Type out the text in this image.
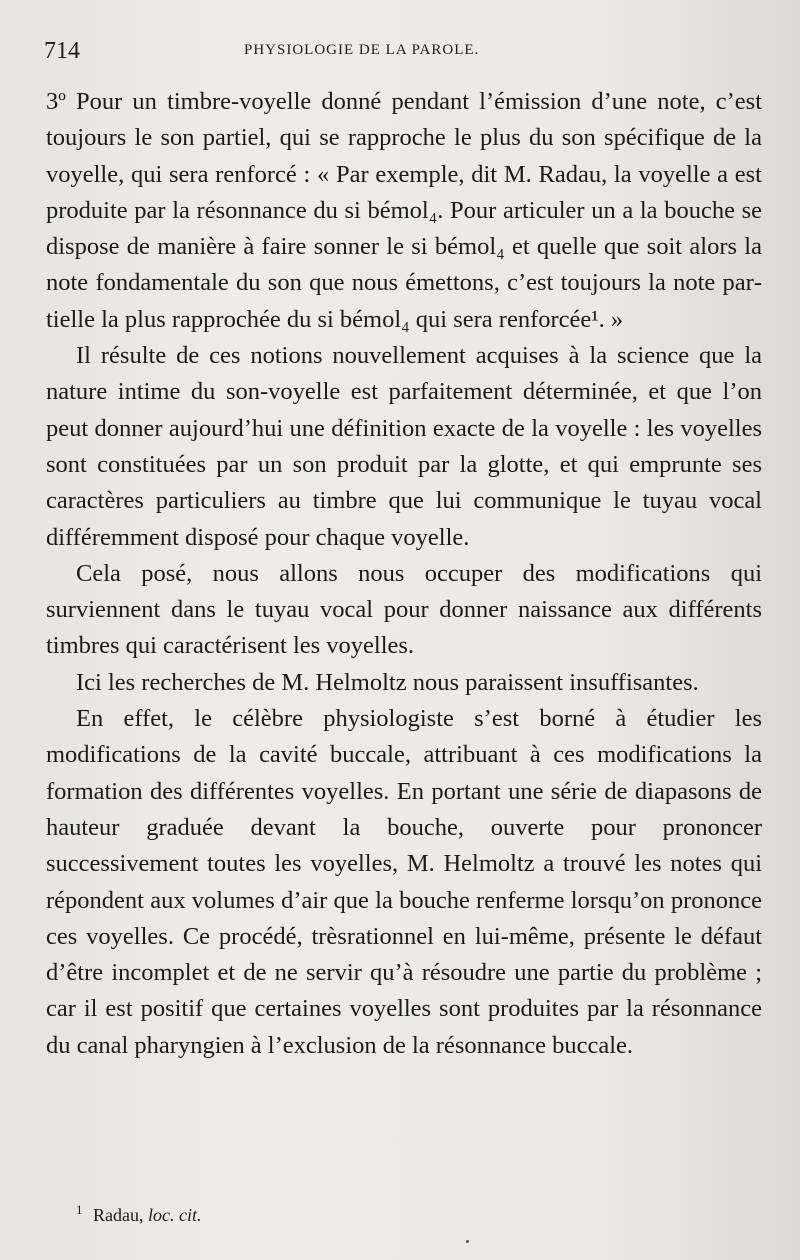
714	PHYSIOLOGIE DE LA PAROLE.

3º Pour un timbre-voyelle donné pendant l’émission d’une note, c’est toujours le son partiel, qui se rapproche le plus du son spécifique de la voyelle, qui sera renforcé : « Par exemple, dit M. Radau, la voyelle a est produite par la résonnance du si bémol₄. Pour articuler un a la bouche se dispose de manière à faire sonner le si bémol₄ et quelle que soit alors la note fondamentale du son que nous émettons, c’est toujours la note partielle la plus rapprochée du si bémol₄ qui sera renforcée¹. »

Il résulte de ces notions nouvellement acquises à la science que la nature intime du son-voyelle est parfaitement déterminée, et que l’on peut donner aujourd’hui une définition exacte de la voyelle : les voyelles sont constituées par un son produit par la glotte, et qui emprunte ses caractères particuliers au timbre que lui communique le tuyau vocal différemment disposé pour chaque voyelle.

Cela posé, nous allons nous occuper des modifications qui surviennent dans le tuyau vocal pour donner naissance aux différents timbres qui caractérisent les voyelles.

Ici les recherches de M. Helmoltz nous paraissent insuffisantes.

En effet, le célèbre physiologiste s’est borné à étudier les modifications de la cavité buccale, attribuant à ces modifications la formation des différentes voyelles. En portant une série de diapasons de hauteur graduée devant la bouche, ouverte pour prononcer successivement toutes les voyelles, M. Helmoltz a trouvé les notes qui répondent aux volumes d’air que la bouche renferme lorsqu’on prononce ces voyelles. Ce procédé, trèsrationnel en lui-même, présente le défaut d’être incomplet et de ne servir qu’à résoudre une partie du problème ; car il est positif que certaines voyelles sont produites par la résonnance du canal pharyngien à l’exclusion de la résonnance buccale.

$^1$ Radau, loc. cit.
